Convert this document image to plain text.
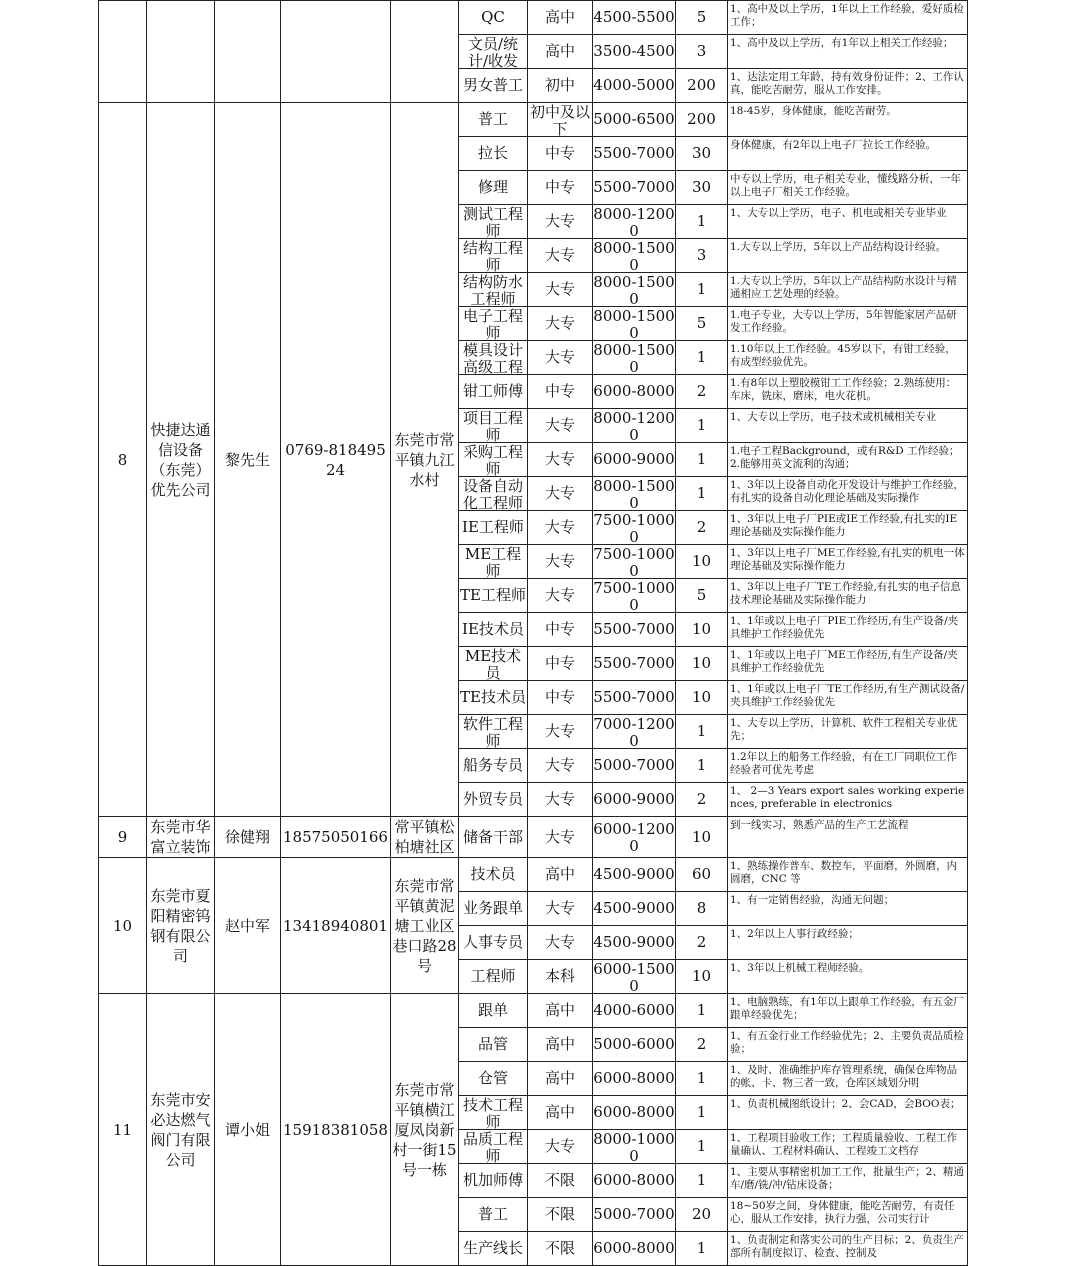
					QC	高中	4500-5500	5	1、高中及以上学历，1年以上工作经验，爱好质检工作；

					文员/统计/收发	高中	3500-4500	3	1、高中及以上学历，有1年以上相关工作经验；

					男女普工	初中	4000-5000	200	1、达法定用工年龄，持有效身份证件；2、工作认真，能吃苦耐劳，服从工作安排。

8	快捷达通信设备（东莞）优先公司	黎先生	0769-81849524	东莞市常平镇九江水村	普工	初中及以下	5000-6500	200	18-45岁，身体健康，能吃苦耐劳。

					拉长	中专	5500-7000	30	身体健康，有2年以上电子厂拉长工作经验。

					修理	中专	5500-7000	30	中专以上学历，电子相关专业，懂线路分析，一年以上电子厂相关工作经验。

					测试工程师	大专	8000-12000	1	1、大专以上学历，电子、机电或相关专业毕业

					结构工程师	大专	8000-15000	3	1.大专以上学历，5年以上产品结构设计经验。

					结构防水工程师	大专	8000-15000	1	1.大专以上学历，5年以上产品结构防水设计与精通相应工艺处理的经验。

					电子工程师	大专	8000-15000	5	1.电子专业，大专以上学历，5年智能家居产品研发工作经验。

					模具设计高级工程	大专	8000-15000	1	1.10年以上工作经验。45岁以下，有钳工经验，有成型经验优先。

					钳工师傅	中专	6000-8000	2	1.有8年以上塑胶模钳工工作经验；2.熟练使用：车床，铣床，磨床，电火花机。

					项目工程师	大专	8000-12000	1	1、大专以上学历，电子技术或机械相关专业

					采购工程师	大专	6000-9000	1	1.电子工程Background，或有R&D 工作经验；2.能够用英文流利的沟通；

					设备自动化工程师	大专	8000-15000	1	1、3年以上设备自动化开发设计与维护工作经验，有扎实的设备自动化理论基础及实际操作

					IE工程师	大专	7500-10000	2	1、3年以上电子厂PIE或IE工作经验,有扎实的IE理论基础及实际操作能力

					ME工程师	大专	7500-10000	10	1、3年以上电子厂ME工作经验,有扎实的机电一体理论基础及实际操作能力

					TE工程师	大专	7500-10000	5	1、3年以上电子厂TE工作经验,有扎实的电子信息技术理论基础及实际操作能力

					IE技术员	中专	5500-7000	10	1、1年或以上电子厂PIE工作经历,有生产设备/夹具维护工作经验优先

					ME技术员	中专	5500-7000	10	1、1年或以上电子厂ME工作经历,有生产设备/夹具维护工作经验优先

					TE技术员	中专	5500-7000	10	1、1年或以上电子厂TE工作经历,有生产测试设备/夹具维护工作经验优先

					软件工程师	大专	7000-12000	1	1、大专以上学历，计算机、软件工程相关专业优先；

					船务专员	大专	5000-7000	1	1.2年以上的船务工作经验，有在工厂同职位工作经验者可优先考虑

					外贸专员	大专	6000-9000	2	1、 2—3 Years export sales working experiences, preferable in electronics

9	东莞市华富立装饰	徐健翔	18575050166	常平镇松柏塘社区	储备干部	大专	6000-12000	10	到一线实习，熟悉产品的生产工艺流程

10	东莞市夏阳精密钨钢有限公司	赵中军	13418940801	东莞市常平镇黄泥塘工业区巷口路28号	技术员	高中	4500-9000	60	1、熟练操作普车、数控车，平面磨，外圆磨，内圆磨，CNC 等

					业务跟单	大专	4500-9000	8	1、有一定销售经验，沟通无问题；

					人事专员	大专	4500-9000	2	1、2年以上人事行政经验；

					工程师	本科	6000-15000	10	1、3年以上机械工程师经验。

11	东莞市安必达燃气阀门有限公司	谭小姐	15918381058	东莞市常平镇横江厦凤岗新村一街15号一栋	跟单	高中	4000-6000	1	1、电脑熟练，有1年以上跟单工作经验，有五金厂跟单经验优先；

					品管	高中	5000-6000	2	1、有五金行业工作经验优先；2、主要负责品质检验；

					仓管	高中	6000-8000	1	1、及时、准确维护库存管理系统，确保仓库物品的帐、卡、物三者一致，仓库区域划分明

					技术工程师	高中	6000-8000	1	1、负责机械图纸设计；2、会CAD，会BOO表；

					品质工程师	大专	8000-10000	1	1、工程项目验收工作；工程质量验收、工程工作量确认、工程材料确认、工程竣工文档存

					机加师傅	不限	6000-8000	1	1、主要从事精密机加工工作，批量生产；2、精通车/磨/铣/冲/钻床设备；

					普工	不限	5000-7000	20	18~50岁之间，身体健康，能吃苦耐劳，有责任心，服从工作安排，执行力强，公司实行计

					生产线长	不限	6000-8000	1	1、负责制定和落实公司的生产目标；2、负责生产部所有制度拟订、检查、控制及
